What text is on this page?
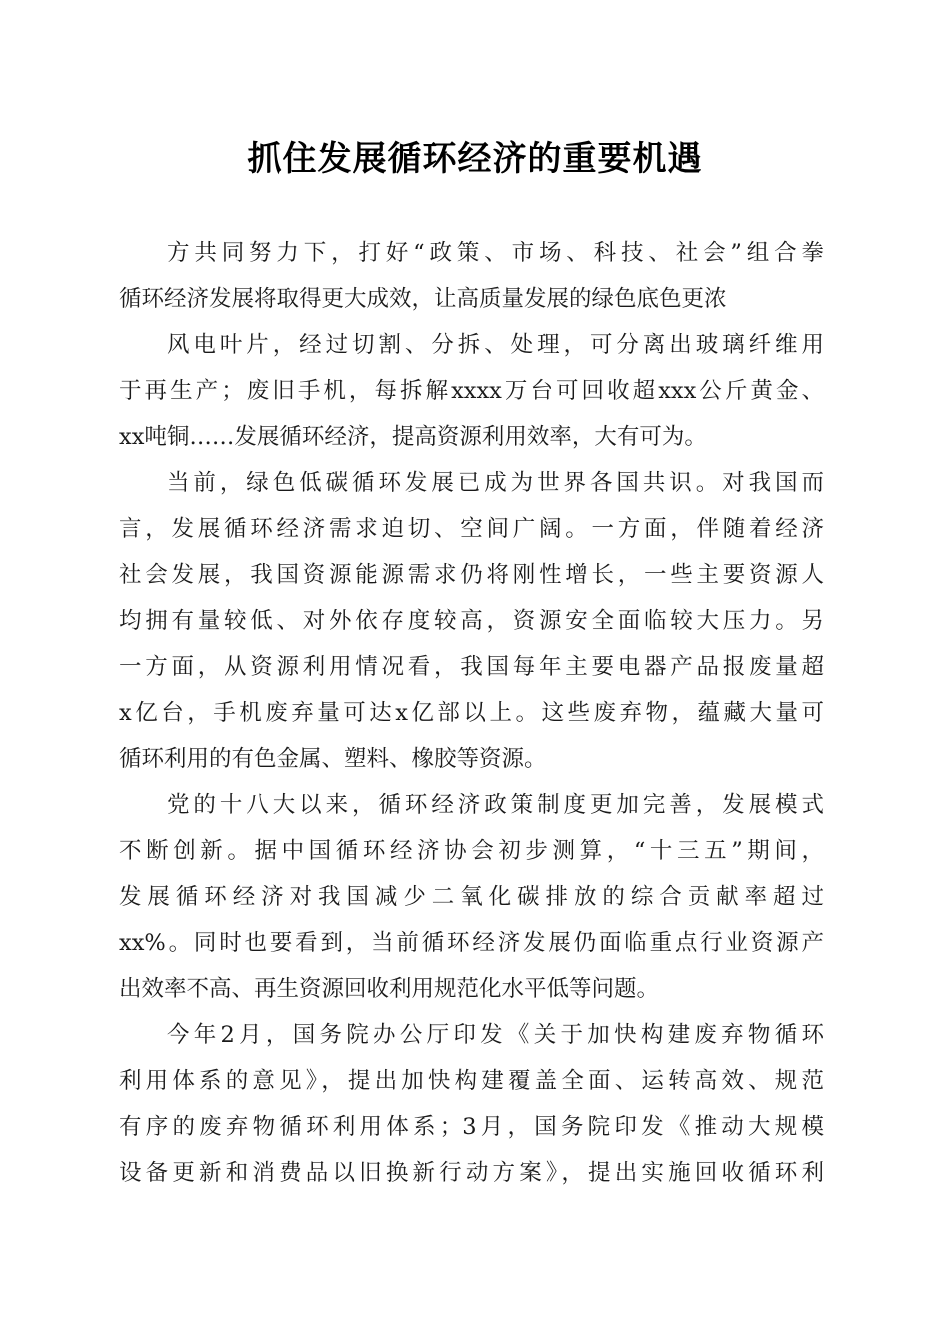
抓住发展循环经济的重要机遇
方共同努力下，打好“政策、市场、科技、社会”组合拳
循环经济发展将取得更大成效，让高质量发展的绿色底色更浓
风电叶片，经过切割、分拆、处理，可分离出玻璃纤维用
于再生产；废旧手机，每拆解xxxx万台可回收超xxx公斤黄金、
xx吨铜……发展循环经济，提高资源利用效率，大有可为。
当前，绿色低碳循环发展已成为世界各国共识。对我国而
言，发展循环经济需求迫切、空间广阔。一方面，伴随着经济
社会发展，我国资源能源需求仍将刚性增长，一些主要资源人
均拥有量较低、对外依存度较高，资源安全面临较大压力。另
一方面，从资源利用情况看，我国每年主要电器产品报废量超
x亿台，手机废弃量可达x亿部以上。这些废弃物，蕴藏大量可
循环利用的有色金属、塑料、橡胶等资源。
党的十八大以来，循环经济政策制度更加完善，发展模式
不断创新。据中国循环经济协会初步测算，“十三五”期间，
发展循环经济对我国减少二氧化碳排放的综合贡献率超过
xx%。同时也要看到，当前循环经济发展仍面临重点行业资源产
出效率不高、再生资源回收利用规范化水平低等问题。
今年2月，国务院办公厅印发《关于加快构建废弃物循环
利用体系的意见》，提出加快构建覆盖全面、运转高效、规范
有序的废弃物循环利用体系；3月，国务院印发《推动大规模
设备更新和消费品以旧换新行动方案》，提出实施回收循环利
